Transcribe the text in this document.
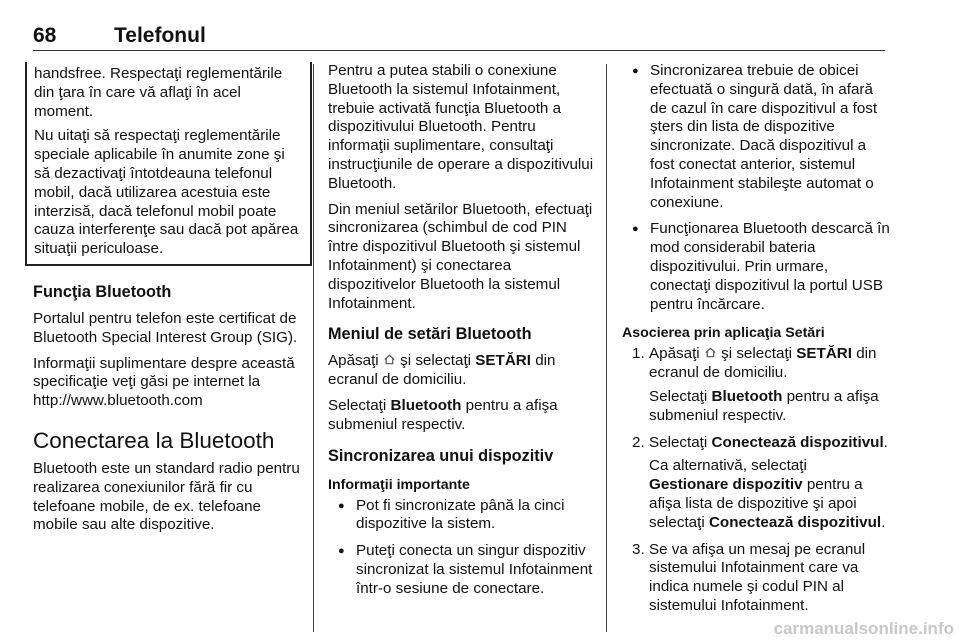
68	Telefonul

handsfree. Respectaţi reglementările din ţara în care vă aflaţi în acel moment.

Nu uitaţi să respectaţi reglementările speciale aplicabile în anumite zone şi să dezactivaţi întotdeauna telefonul mobil, dacă utilizarea acestuia este interzisă, dacă telefonul mobil poate cauza interferenţe sau dacă pot apărea situaţii periculoase.

Funcţia Bluetooth

Portalul pentru telefon este certificat de Bluetooth Special Interest Group (SIG).

Informaţii suplimentare despre această specificaţie veţi găsi pe internet la http://www.bluetooth.com

Conectarea la Bluetooth

Bluetooth este un standard radio pentru realizarea conexiunilor fără fir cu telefoane mobile, de ex. telefoane mobile sau alte dispozitive.

Pentru a putea stabili o conexiune Bluetooth la sistemul Infotainment, trebuie activată funcţia Bluetooth a dispozitivului Bluetooth. Pentru informaţii suplimentare, consultaţi instrucţiunile de operare a dispozitivului Bluetooth.

Din meniul setărilor Bluetooth, efectuaţi sincronizarea (schimbul de cod PIN între dispozitivul Bluetooth şi sistemul Infotainment) şi conectarea dispozitivelor Bluetooth la sistemul Infotainment.

Meniul de setări Bluetooth

Apăsaţi şi selectaţi SETĂRI din ecranul de domiciliu.

Selectaţi Bluetooth pentru a afişa submeniul respectiv.

Sincronizarea unui dispozitiv
Informaţii importante
● Pot fi sincronizate până la cinci dispozitive la sistem.
● Puteţi conecta un singur dispozitiv sincronizat la sistemul Infotainment într-o sesiune de conectare.
● Sincronizarea trebuie de obicei efectuată o singură dată, în afară de cazul în care dispozitivul a fost şters din lista de dispozitive sincronizate. Dacă dispozitivul a fost conectat anterior, sistemul Infotainment stabileşte automat o conexiune.
● Funcţionarea Bluetooth descarcă în mod considerabil bateria dispozitivului. Prin urmare, conectaţi dispozitivul la portul USB pentru încărcare.
Asocierea prin aplicaţia Setări
1. Apăsaţi şi selectaţi SETĂRI din ecranul de domiciliu.

Selectaţi Bluetooth pentru a afişa submeniul respectiv.

2. Selectaţi Conectează dispozitivul.

Ca alternativă, selectaţi Gestionare dispozitiv pentru a afişa lista de dispozitive şi apoi selectaţi Conectează dispozitivul.

3. Se va afişa un mesaj pe ecranul sistemului Infotainment care va indica numele şi codul PIN al sistemului Infotainment.

carmanualsonline.info
